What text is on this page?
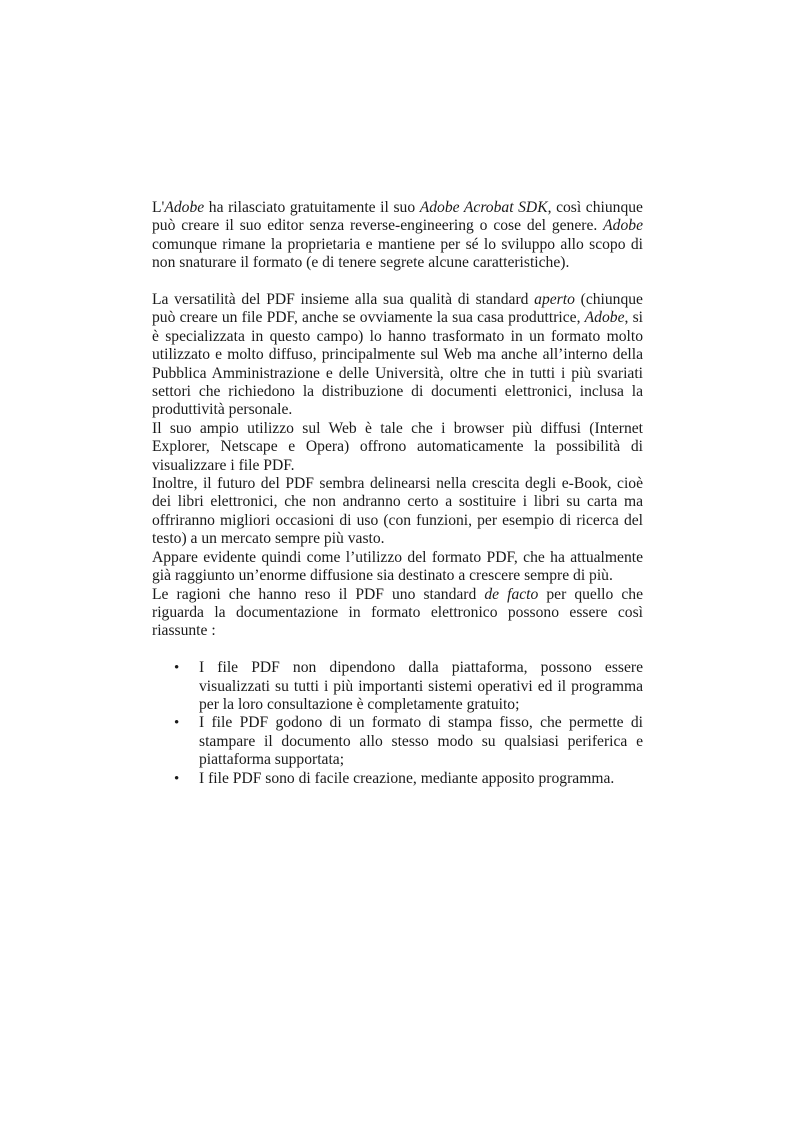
L'Adobe ha rilasciato gratuitamente il suo Adobe Acrobat SDK, così chiunque può creare il suo editor senza reverse-engineering o cose del genere. Adobe comunque rimane la proprietaria e mantiene per sé lo sviluppo allo scopo di non snaturare il formato (e di tenere segrete alcune caratteristiche).

La versatilità del PDF insieme alla sua qualità di standard aperto (chiunque può creare un file PDF, anche se ovviamente la sua casa produttrice, Adobe, si è specializzata in questo campo) lo hanno trasformato in un formato molto utilizzato e molto diffuso, principalmente sul Web ma anche all’interno della Pubblica Amministrazione e delle Università, oltre che in tutti i più svariati settori che richiedono la distribuzione di documenti elettronici, inclusa la produttività personale.

Il suo ampio utilizzo sul Web è tale che i browser più diffusi (Internet Explorer, Netscape e Opera) offrono automaticamente la possibilità di visualizzare i file PDF.

Inoltre, il futuro del PDF sembra delinearsi nella crescita degli e-Book, cioè dei libri elettronici, che non andranno certo a sostituire i libri su carta ma offriranno migliori occasioni di uso (con funzioni, per esempio di ricerca del testo) a un mercato sempre più vasto.

Appare evidente quindi come l’utilizzo del formato PDF, che ha attualmente già raggiunto un’enorme diffusione sia destinato a crescere sempre di più.

Le ragioni che hanno reso il PDF uno standard de facto per quello che riguarda la documentazione in formato elettronico possono essere così riassunte :

• I file PDF non dipendono dalla piattaforma, possono essere visualizzati su tutti i più importanti sistemi operativi ed il programma per la loro consultazione è completamente gratuito;
• I file PDF godono di un formato di stampa fisso, che permette di stampare il documento allo stesso modo su qualsiasi periferica e piattaforma supportata;
• I file PDF sono di facile creazione, mediante apposito programma.
